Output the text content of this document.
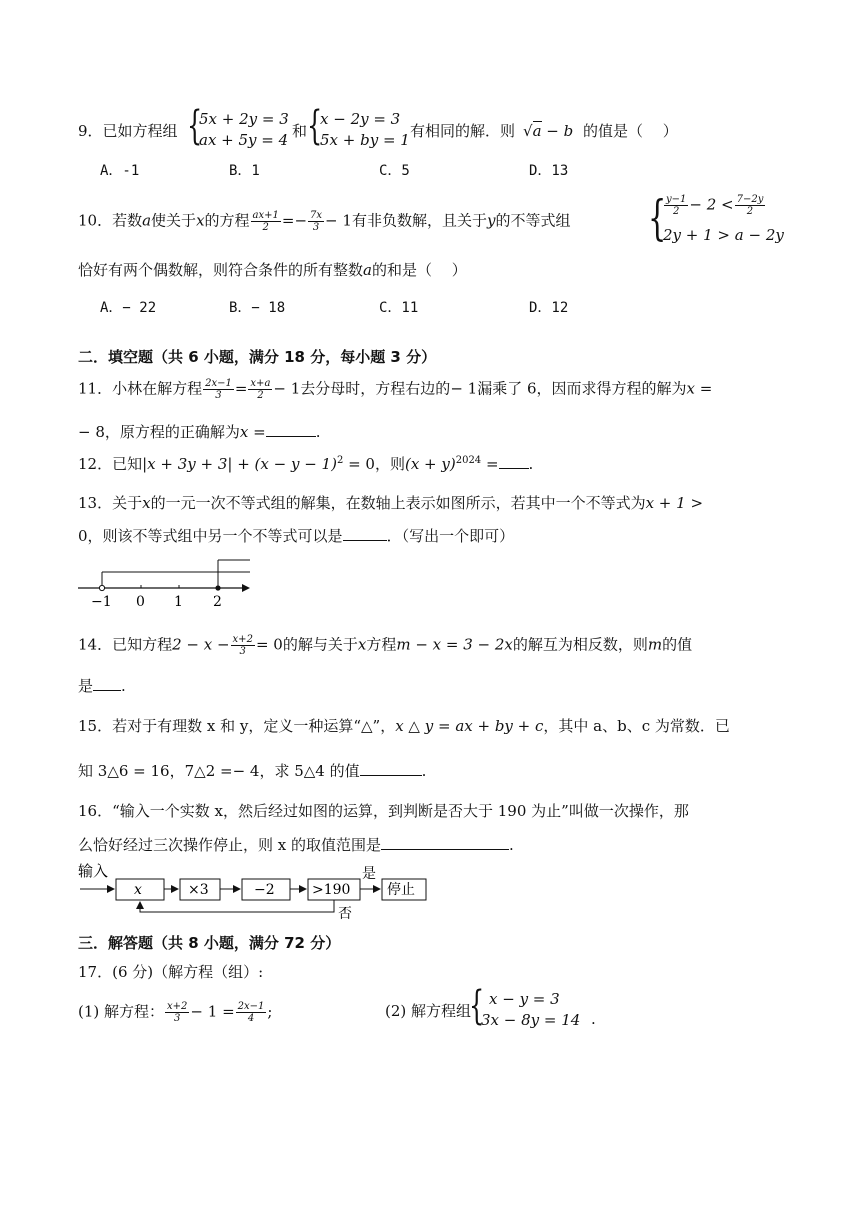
9．已如方程组 {
5x + 2y = 3
ax + 5y = 4 和 {
x − 2y = 3
5x + by = 1 有相同的解．则 √a − b 的值是（　 ）
A．-1	B．1	C．5	D．13
10．若数a使关于x的方程 $\frac{ax+1}{2} =- \frac{7x}{3} - 1$有非负数解，且关于y的不等式组 {
$\frac{y-1}{2} - 2 < \frac{7-2y}{2}$
2y + 1 > a − 2y
恰好有两个偶数解，则符合条件的所有整数a的和是（　 ）
A．− 22	B．− 18	C．11	D．12
二．填空题（共 6 小题，满分 18 分，每小题 3 分）
11．小林在解方程 $\frac{2x-1}{3} = \frac{x+a}{2} - 1$去分母时，方程右边的− 1漏乘了 6，因而求得方程的解为x =
− 8，原方程的正确解为x =	.
12．已知$|x + 3y + 3| + (x - y - 1)^2 = 0$，则$(x + y)^{2024}$ = .
13．关于x的一元一次不等式组的解集，在数轴上表示如图所示，若其中一个不等式为x + 1 >
0，则该不等式组中另一个不等式可以是	．（写出一个即可）
−1 0 1 2
14．已知方程$2 - x - \frac{x+2}{3} = 0$的解与关于x方程m − x = 3 − 2x的解互为相反数，则m的值
是 .
15．若对于有理数 x 和 y，定义一种运算“△”，x △ y = ax + by + c，其中 a、b、c 为常数．已
知 3△6 = 16，7△2 =− 4，求 5△4 的值	.
16．“输入一个实数 x，然后经过如图的运算，到判断是否大于 190 为止”叫做一次操作，那
么恰好经过三次操作停止，则 x 的取值范围是	.
输入
x	×3	−2	>190
是
停止
否
三．解答题（共 8 小题，满分 72 分）
17．(6 分)（解方程（组）:
(1) 解方程： $\frac{x+2}{3} - 1 = \frac{2x-1}{4}$ ;	(2) 解方程组
{ x − y = 3
3x − 8y = 14 .
